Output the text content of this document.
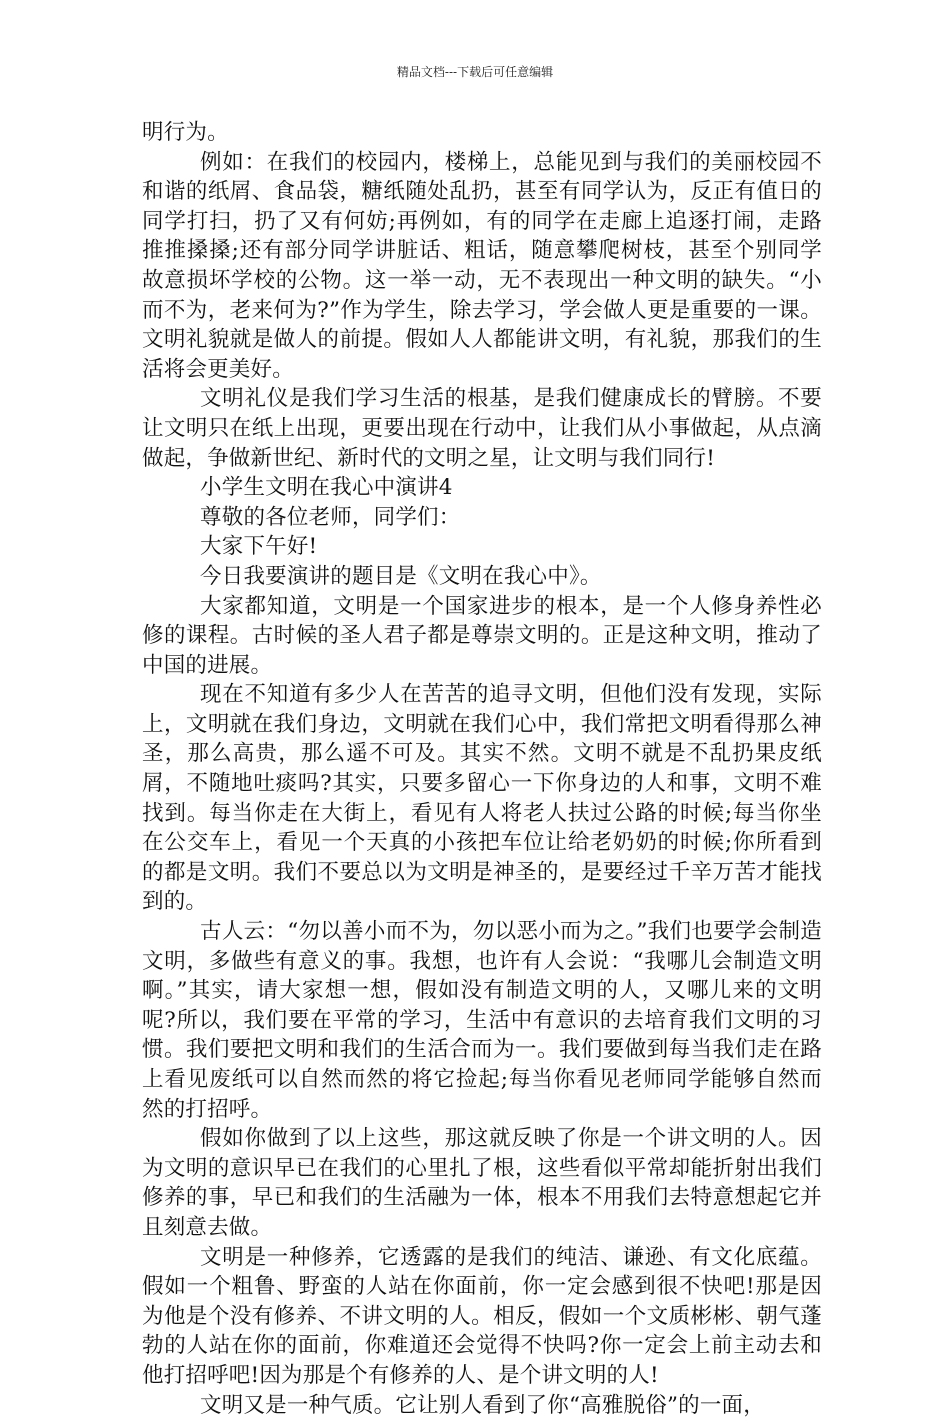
精品文档---下载后可任意编辑

明行为。

例如：在我们的校园内，楼梯上，总能见到与我们的美丽校园不和谐的纸屑、食品袋，糖纸随处乱扔，甚至有同学认为，反正有值日的同学打扫，扔了又有何妨;再例如，有的同学在走廊上追逐打闹，走路推推搡搡;还有部分同学讲脏话、粗话，随意攀爬树枝，甚至个别同学故意损坏学校的公物。这一举一动，无不表现出一种文明的缺失。“小而不为，老来何为?”作为学生，除去学习，学会做人更是重要的一课。文明礼貌就是做人的前提。假如人人都能讲文明，有礼貌，那我们的生活将会更美好。

文明礼仪是我们学习生活的根基，是我们健康成长的臂膀。不要让文明只在纸上出现，更要出现在行动中，让我们从小事做起，从点滴做起，争做新世纪、新时代的文明之星，让文明与我们同行!

小学生文明在我心中演讲4

尊敬的各位老师，同学们：

大家下午好!

今日我要演讲的题目是《文明在我心中》。

大家都知道，文明是一个国家进步的根本，是一个人修身养性必修的课程。古时候的圣人君子都是尊崇文明的。正是这种文明，推动了中国的进展。

现在不知道有多少人在苦苦的追寻文明，但他们没有发现，实际上，文明就在我们身边，文明就在我们心中，我们常把文明看得那么神圣，那么高贵，那么遥不可及。其实不然。文明不就是不乱扔果皮纸屑，不随地吐痰吗?其实，只要多留心一下你身边的人和事，文明不难找到。每当你走在大街上，看见有人将老人扶过公路的时候;每当你坐在公交车上，看见一个天真的小孩把车位让给老奶奶的时候;你所看到的都是文明。我们不要总以为文明是神圣的，是要经过千辛万苦才能找到的。

古人云：“勿以善小而不为，勿以恶小而为之。”我们也要学会制造文明，多做些有意义的事。我想，也许有人会说：“我哪儿会制造文明啊。”其实，请大家想一想，假如没有制造文明的人，又哪儿来的文明呢?所以，我们要在平常的学习，生活中有意识的去培育我们文明的习惯。我们要把文明和我们的生活合而为一。我们要做到每当我们走在路上看见废纸可以自然而然的将它捡起;每当你看见老师同学能够自然而然的打招呼。

假如你做到了以上这些，那这就反映了你是一个讲文明的人。因为文明的意识早已在我们的心里扎了根，这些看似平常却能折射出我们修养的事，早已和我们的生活融为一体，根本不用我们去特意想起它并且刻意去做。

文明是一种修养，它透露的是我们的纯洁、谦逊、有文化底蕴。假如一个粗鲁、野蛮的人站在你面前，你一定会感到很不快吧!那是因为他是个没有修养、不讲文明的人。相反，假如一个文质彬彬、朝气蓬勃的人站在你的面前，你难道还会觉得不快吗?你一定会上前主动去和他打招呼吧!因为那是个有修养的人、是个讲文明的人!

文明又是一种气质。它让别人看到了你“高雅脱俗”的一面，
